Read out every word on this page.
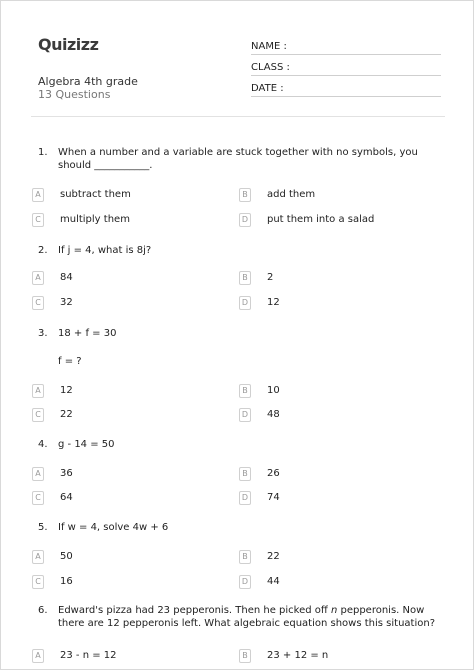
Quizizz
Algebra 4th grade
13 Questions
NAME :
CLASS :
DATE :
1.	When a number and a variable are stuck together with no symbols, you should ___________.
A	subtract them	B	add them
C	multiply them	D put them into a salad
2.	If j = 4, what is 8j?
A	84	B	2
C	32	D 12
3.	18 + f = 30
f = ?
A	12	B	10
C	22	D 48
4.	g - 14 = 50
A	36	B	26
C	64	D 74
5.	If w = 4, solve 4w + 6
A	50	B	22
C	16	D 44
6.	Edward's pizza had 23 pepperonis. Then he picked off n pepperonis. Now there are 12 pepperonis left. What algebraic equation shows this situation?
A	23 - n = 12	B	23 + 12 = n
